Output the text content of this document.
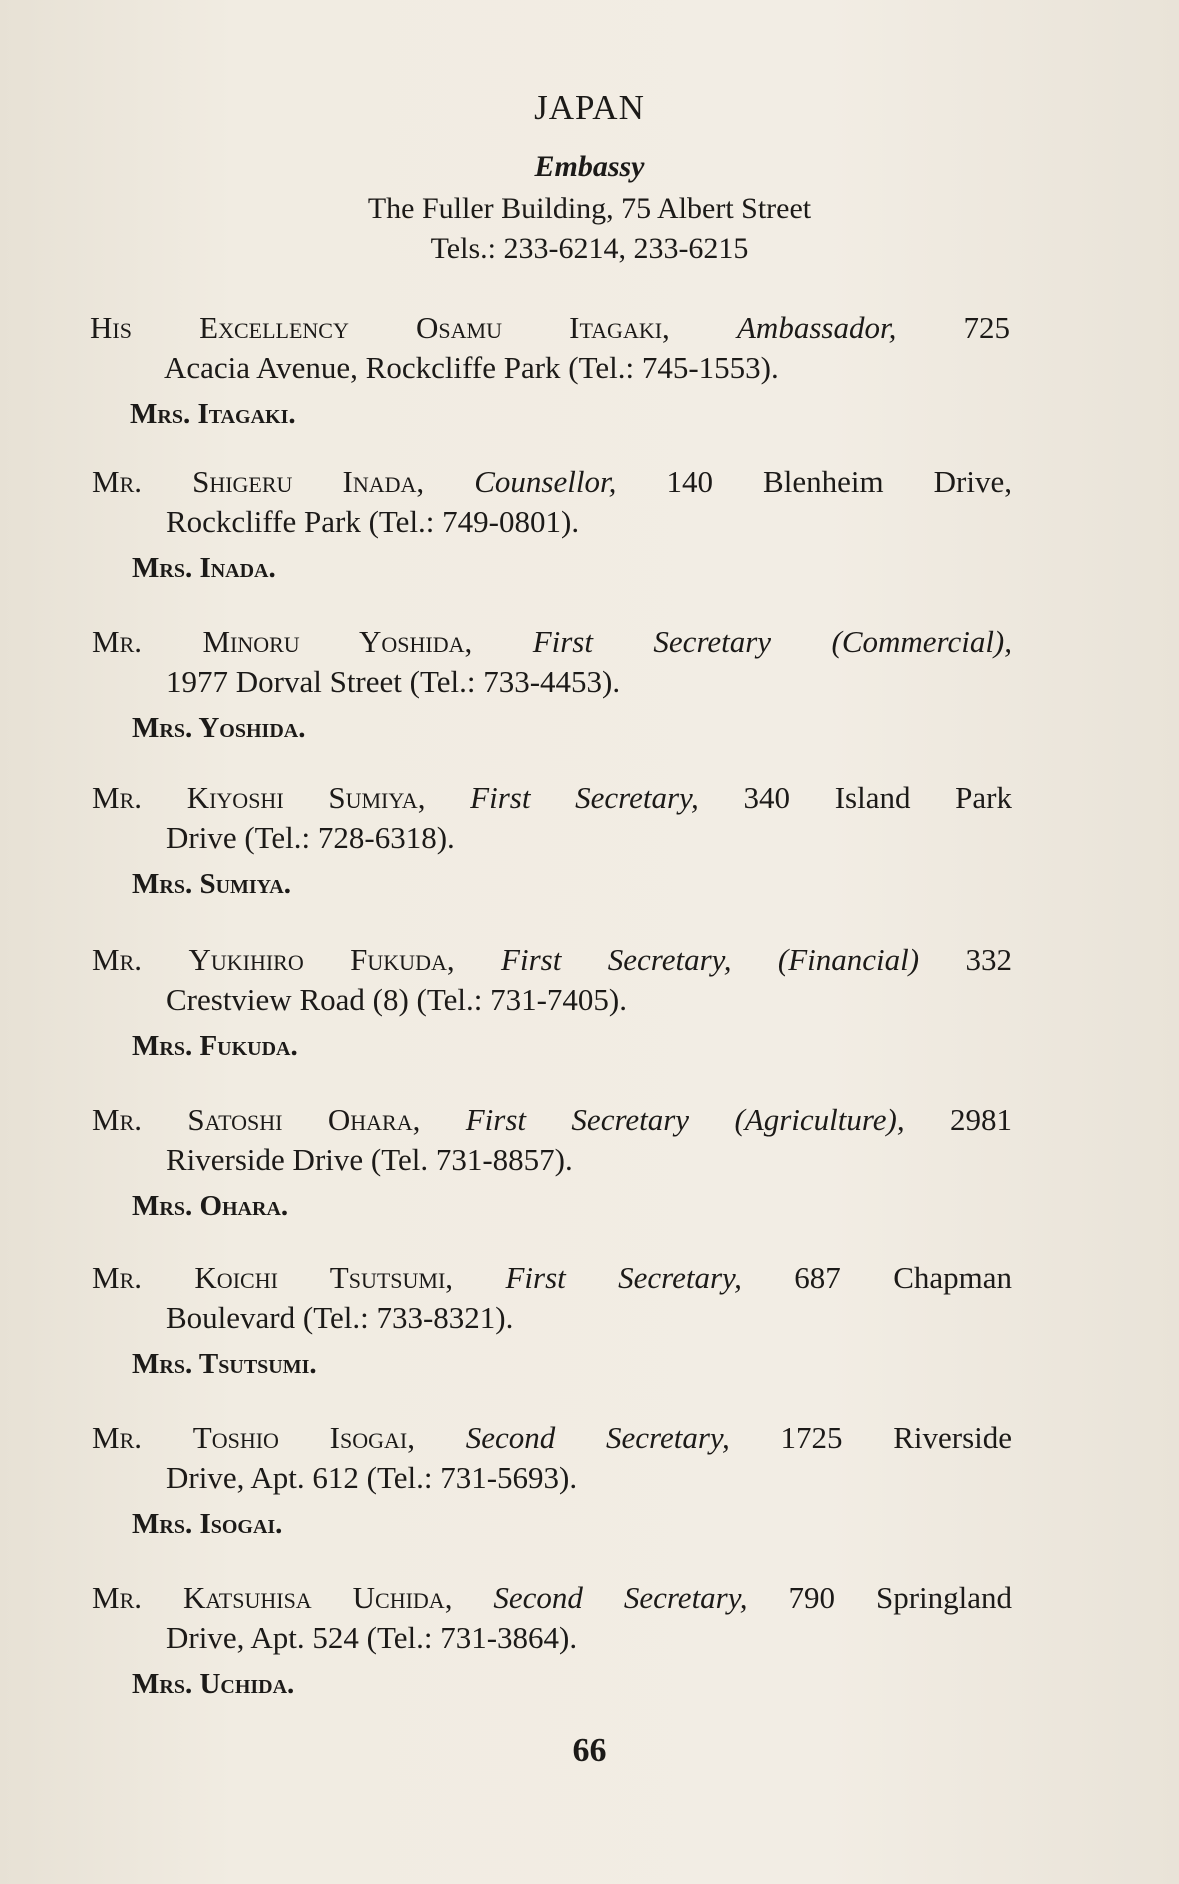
JAPAN
Embassy
The Fuller Building, 75 Albert Street
Tels.: 233-6214, 233-6215
His Excellency Osamu Itagaki, Ambassador, 725
Acacia Avenue, Rockcliffe Park (Tel.: 745-1553).
Mrs. Itagaki.
Mr. Shigeru Inada, Counsellor, 140 Blenheim Drive,
Rockcliffe Park (Tel.: 749-0801).
Mrs. Inada.
Mr. Minoru Yoshida, First Secretary (Commercial),
1977 Dorval Street (Tel.: 733-4453).
Mrs. Yoshida.
Mr. Kiyoshi Sumiya, First Secretary, 340 Island Park
Drive (Tel.: 728-6318).
Mrs. Sumiya.
Mr. Yukihiro Fukuda, First Secretary, (Financial) 332
Crestview Road (8) (Tel.: 731-7405).
Mrs. Fukuda.
Mr. Satoshi Ohara, First Secretary (Agriculture), 2981
Riverside Drive (Tel. 731-8857).
Mrs. Ohara.
Mr. Koichi Tsutsumi, First Secretary, 687 Chapman
Boulevard (Tel.: 733-8321).
Mrs. Tsutsumi.
Mr. Toshio Isogai, Second Secretary, 1725 Riverside
Drive, Apt. 612 (Tel.: 731-5693).
Mrs. Isogai.
Mr. Katsuhisa Uchida, Second Secretary, 790 Springland
Drive, Apt. 524 (Tel.: 731-3864).
Mrs. Uchida.
66
